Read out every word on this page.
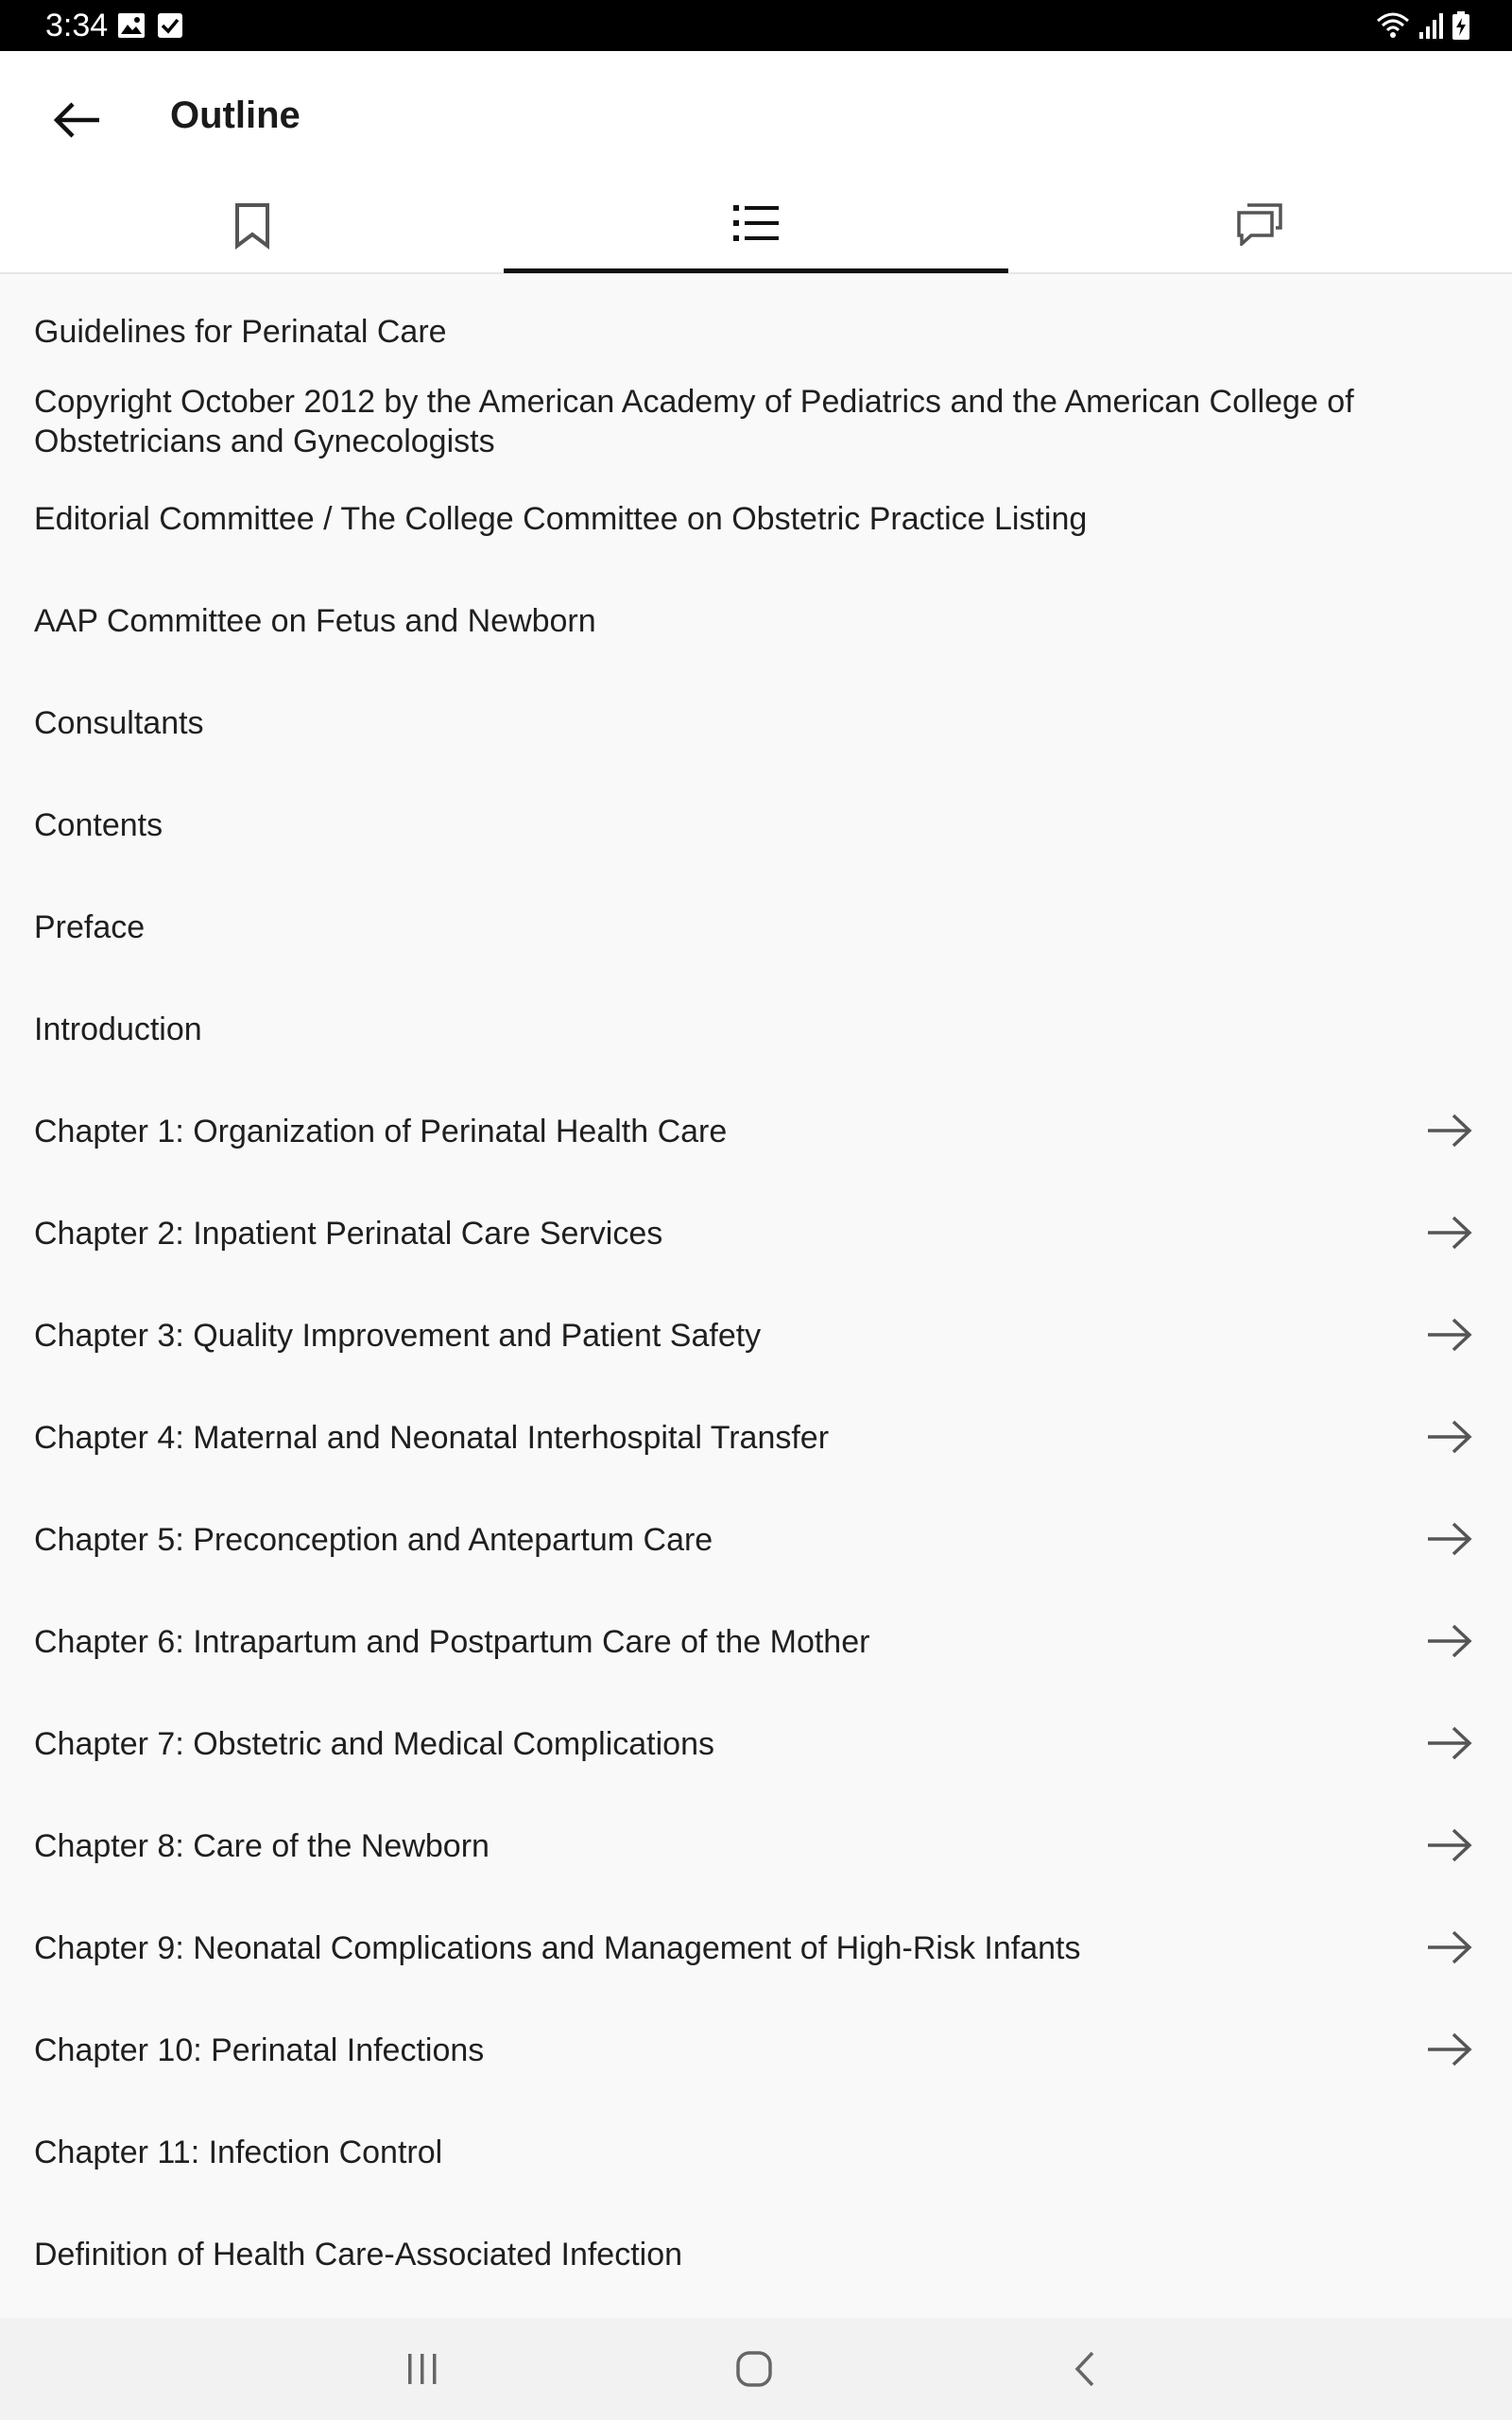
3:34
Outline
Guidelines for Perinatal Care
Copyright October 2012 by the American Academy of Pediatrics and the American College of Obstetricians and Gynecologists
Editorial Committee / The College Committee on Obstetric Practice Listing
AAP Committee on Fetus and Newborn
Consultants
Contents
Preface
Introduction
Chapter 1: Organization of Perinatal Health Care
Chapter 2: Inpatient Perinatal Care Services
Chapter 3: Quality Improvement and Patient Safety
Chapter 4: Maternal and Neonatal Interhospital Transfer
Chapter 5: Preconception and Antepartum Care
Chapter 6: Intrapartum and Postpartum Care of the Mother
Chapter 7: Obstetric and Medical Complications
Chapter 8: Care of the Newborn
Chapter 9: Neonatal Complications and Management of High-Risk Infants
Chapter 10: Perinatal Infections
Chapter 11: Infection Control
Definition of Health Care-Associated Infection
